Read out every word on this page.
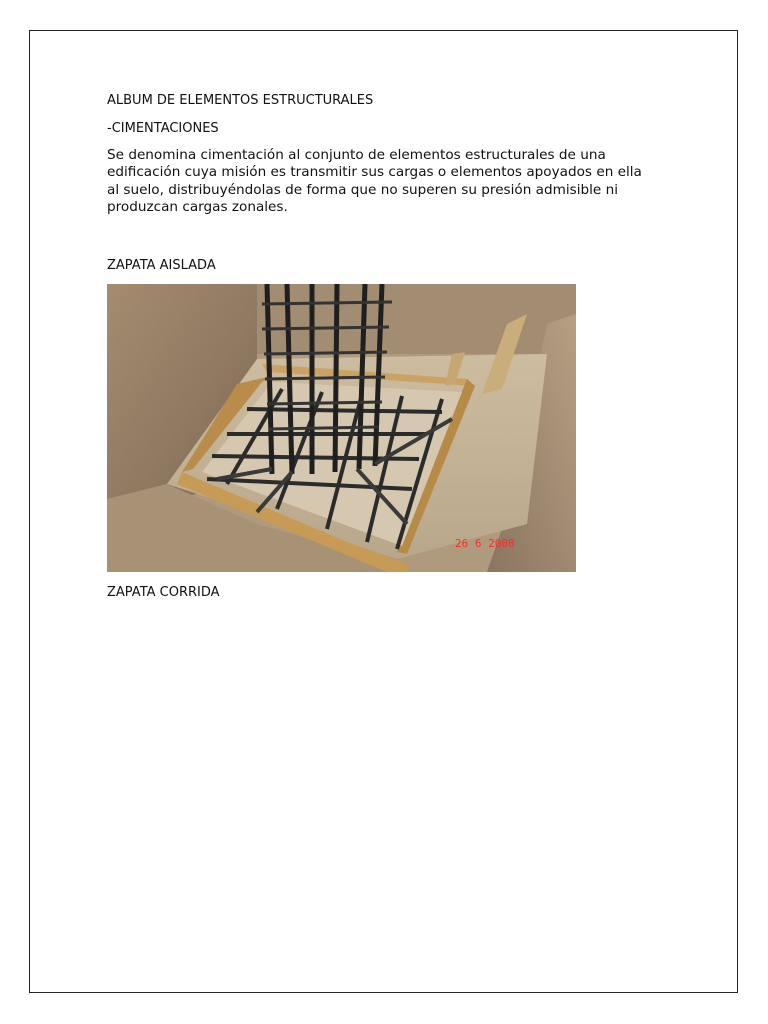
ALBUM DE ELEMENTOS ESTRUCTURALES
-CIMENTACIONES
Se denomina cimentación al conjunto de elementos estructurales de una edificación cuya misión es transmitir sus cargas o elementos apoyados en ella al suelo, distribuyéndolas de forma que no superen su presión admisible ni produzcan cargas zonales.
ZAPATA AISLADA
26 6 2008
ZAPATA CORRIDA
